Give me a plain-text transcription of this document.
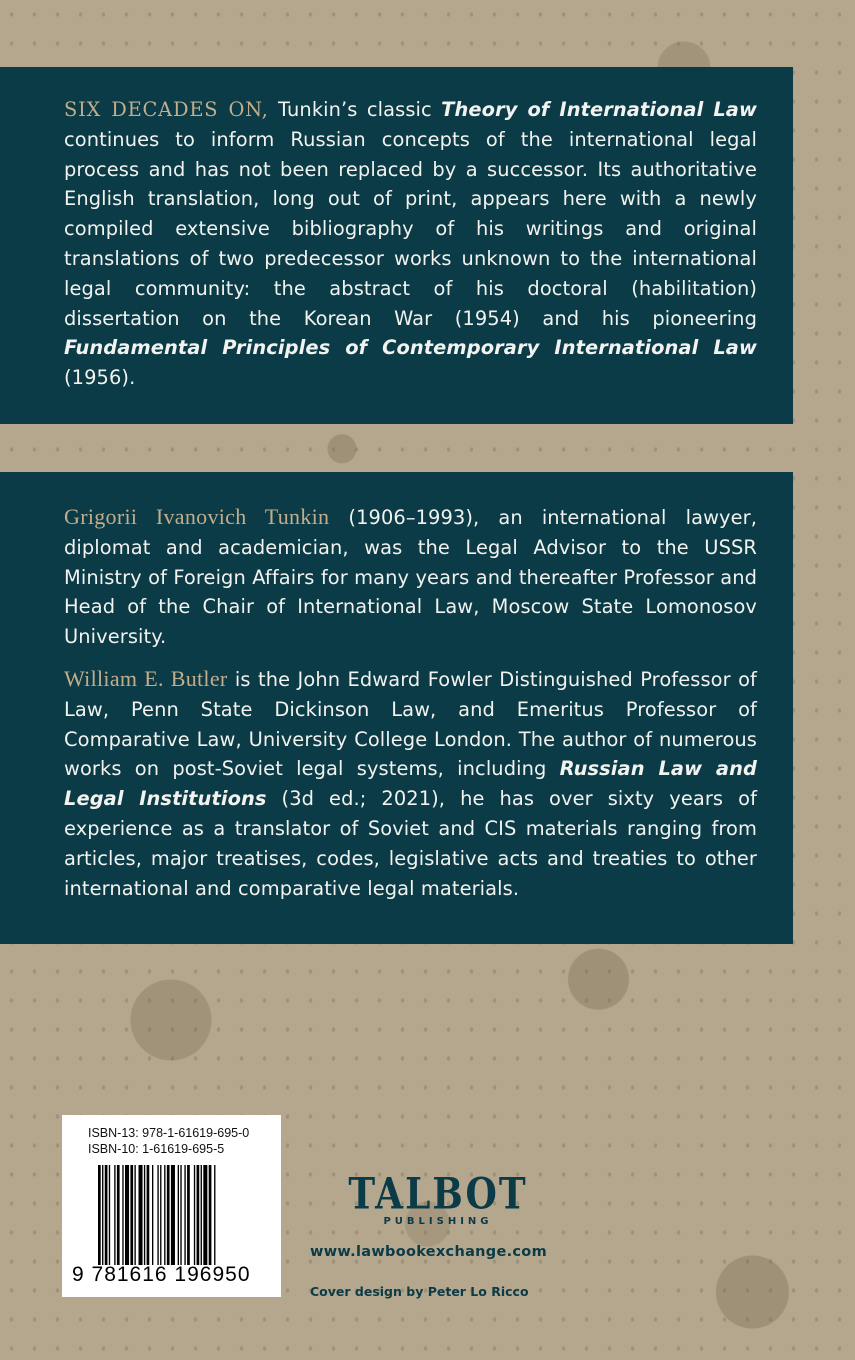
SIX DECADES ON, Tunkin’s classic Theory of International Law continues to inform Russian concepts of the international legal process and has not been replaced by a successor. Its authoritative English translation, long out of print, appears here with a newly compiled extensive bibliography of his writings and original translations of two predecessor works unknown to the international legal community: the abstract of his doctoral (habilitation) dissertation on the Korean War (1954) and his pioneering Fundamental Principles of Contemporary International Law (1956).

Grigorii Ivanovich Tunkin (1906–1993), an international lawyer, diplomat and academician, was the Legal Advisor to the USSR Ministry of Foreign Affairs for many years and thereafter Professor and Head of the Chair of International Law, Moscow State Lomonosov University.

William E. Butler is the John Edward Fowler Distinguished Professor of Law, Penn State Dickinson Law, and Emeritus Professor of Comparative Law, University College London. The author of numerous works on post-Soviet legal systems, including Russian Law and Legal Institutions (3d ed.; 2021), he has over sixty years of experience as a translator of Soviet and CIS materials ranging from articles, major treatises, codes, legislative acts and treaties to other international and comparative legal materials.

ISBN-13: 978-1-61619-695-0
ISBN-10: 1-61619-695-5
9 781616 196950
TALBOT
PUBLISHING
www.lawbookexchange.com
Cover design by Peter Lo Ricco
